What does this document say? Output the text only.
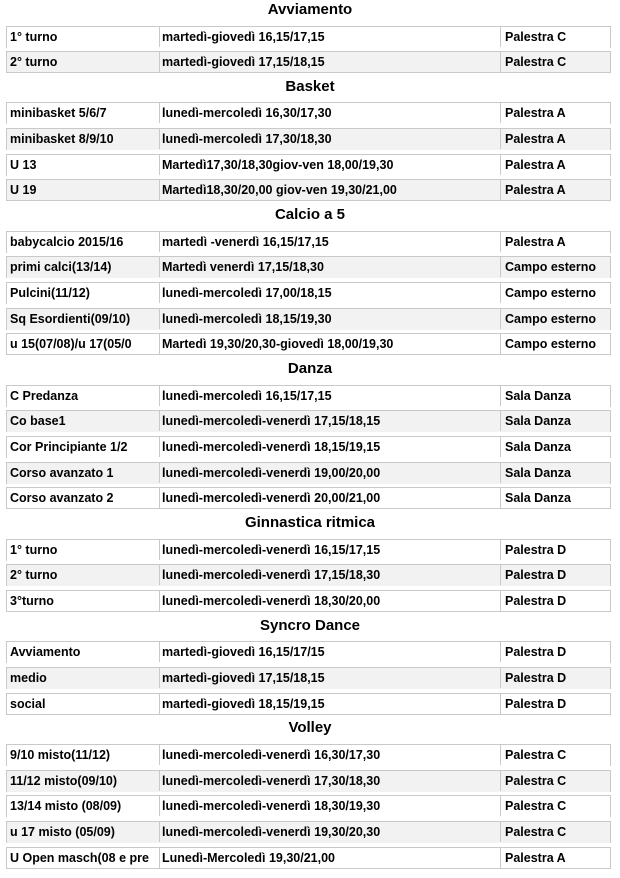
Avviamento
1° turno	martedì-giovedì 16,15/17,15	Palestra C
2° turno	martedì-giovedì 17,15/18,15	Palestra C
Basket
minibasket 5/6/7	lunedì-mercoledì 16,30/17,30	Palestra A
minibasket 8/9/10	lunedì-mercoledì 17,30/18,30	Palestra A
U 13	Martedì17,30/18,30giov-ven 18,00/19,30	Palestra A
U 19	Martedì18,30/20,00 giov-ven 19,30/21,00	Palestra A
Calcio a 5
babycalcio 2015/16	martedì -venerdì 16,15/17,15	Palestra A
primi calci(13/14)	Martedì venerdì 17,15/18,30	Campo esterno
Pulcini(11/12)	lunedì-mercoledì 17,00/18,15	Campo esterno
Sq Esordienti(09/10)	lunedì-mercoledì 18,15/19,30	Campo esterno
u 15(07/08)/u 17(05/0	Martedì 19,30/20,30-giovedì 18,00/19,30	Campo esterno
Danza
C Predanza	lunedì-mercoledì 16,15/17,15	Sala Danza
Co base1	lunedì-mercoledì-venerdì 17,15/18,15	Sala Danza
Cor Principiante 1/2	lunedì-mercoledì-venerdì 18,15/19,15	Sala Danza
Corso avanzato 1	lunedì-mercoledì-venerdì 19,00/20,00	Sala Danza
Corso avanzato 2	lunedì-mercoledì-venerdì 20,00/21,00	Sala Danza
Ginnastica ritmica
1° turno	lunedì-mercoledì-venerdì 16,15/17,15	Palestra D
2° turno	lunedì-mercoledì-venerdì 17,15/18,30	Palestra D
3°turno	lunedì-mercoledì-venerdì 18,30/20,00	Palestra D
Syncro Dance
Avviamento	martedì-giovedì 16,15/17/15	Palestra D
medio	martedì-giovedì 17,15/18,15	Palestra D
social	martedì-giovedì 18,15/19,15	Palestra D
Volley
9/10 misto(11/12)	lunedì-mercoledì-venerdì 16,30/17,30	Palestra C
11/12 misto(09/10)	lunedì-mercoledì-venerdì 17,30/18,30	Palestra C
13/14 misto (08/09)	lunedì-mercoledì-venerdì 18,30/19,30	Palestra C
u 17 misto (05/09)	lunedì-mercoledì-venerdì 19,30/20,30	Palestra C
U Open masch(08 e pre	Lunedì-Mercoledì 19,30/21,00	Palestra A
